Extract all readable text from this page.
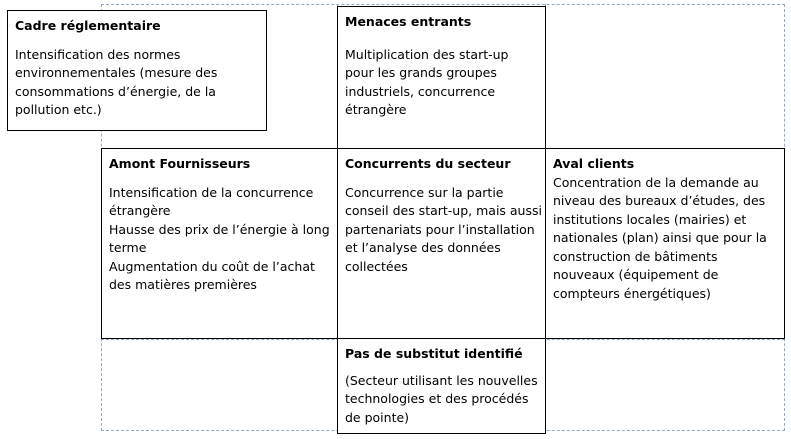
Cadre réglementaire
Intensification des normes
environnementales (mesure des
consommations d’énergie, de la
pollution etc.)
Menaces entrants
Multiplication des start-up
pour les grands groupes
industriels, concurrence
étrangère
Amont Fournisseurs
Intensification de la concurrence
étrangère
Hausse des prix de l’énergie à long
terme
Augmentation du coût de l’achat
des matières premières
Concurrents du secteur
Concurrence sur la partie
conseil des start-up, mais aussi
partenariats pour l’installation
et l’analyse des données
collectées
Aval clients
Concentration de la demande au
niveau des bureaux d’études, des
institutions locales (mairies) et
nationales (plan) ainsi que pour la
construction de bâtiments
nouveaux (équipement de
compteurs énergétiques)
Pas de substitut identifié
(Secteur utilisant les nouvelles
technologies et des procédés
de pointe)
